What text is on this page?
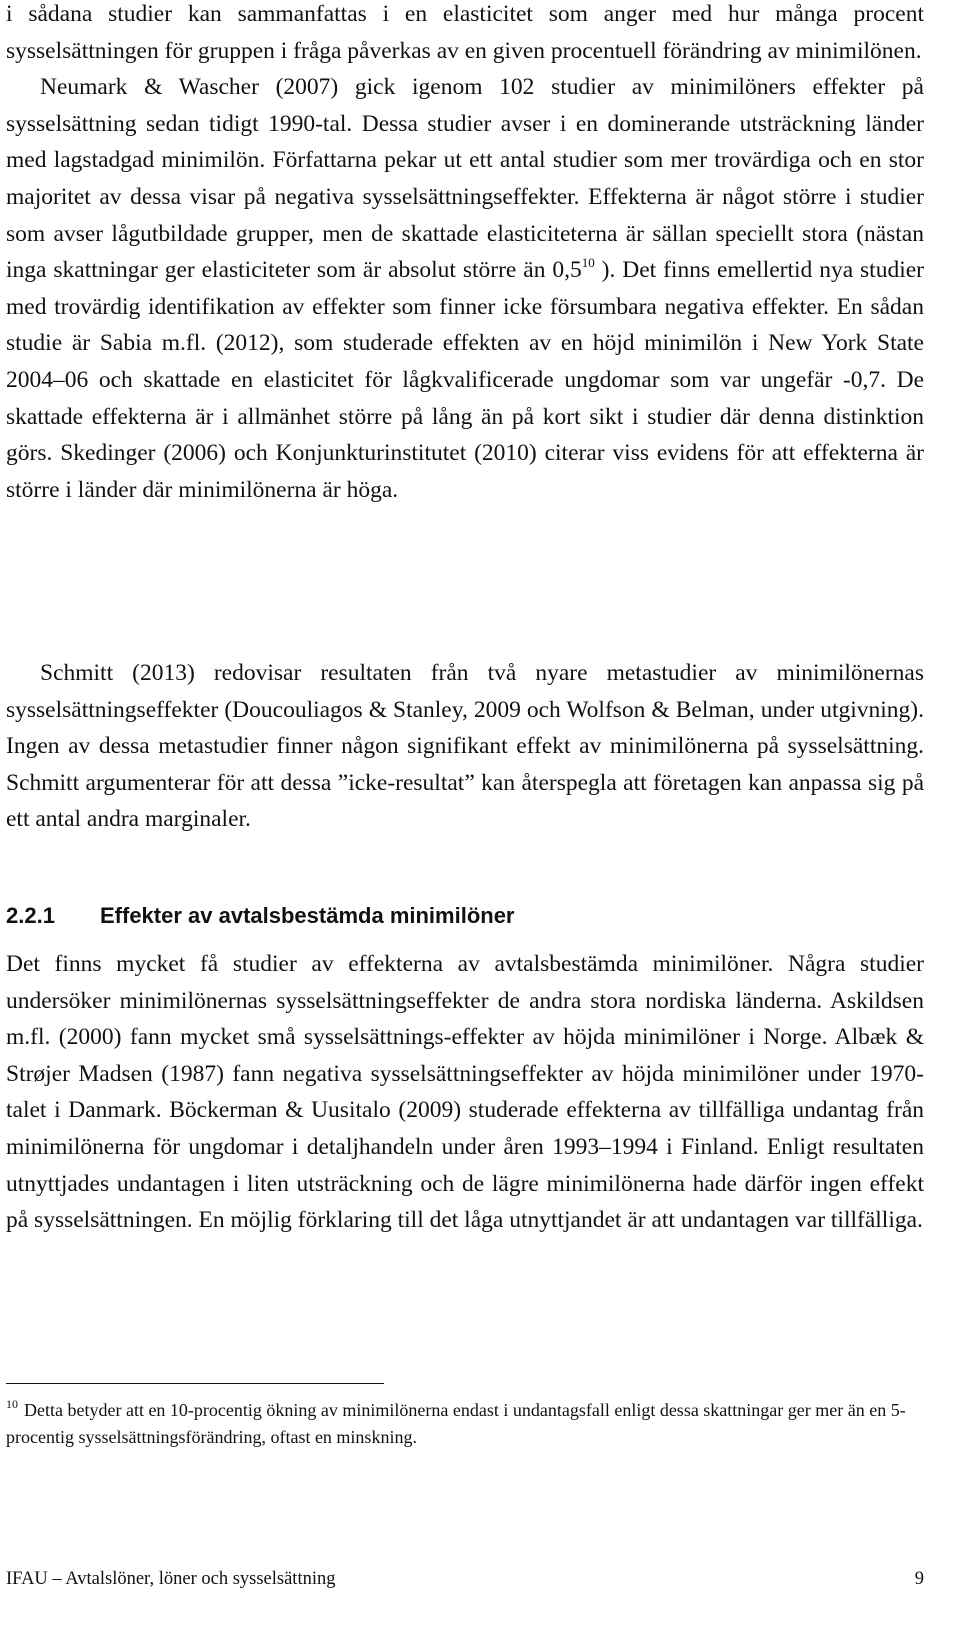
i sådana studier kan sammanfattas i en elasticitet som anger med hur många procent sysselsättningen för gruppen i fråga påverkas av en given procentuell förändring av minimilönen.

Neumark & Wascher (2007) gick igenom 102 studier av minimilöners effekter på sysselsättning sedan tidigt 1990-tal. Dessa studier avser i en dominerande utsträckning länder med lagstadgad minimilön. Författarna pekar ut ett antal studier som mer trovärdiga och en stor majoritet av dessa visar på negativa sysselsättningseffekter. Effekterna är något större i studier som avser lågutbildade grupper, men de skattade elasticiteterna är sällan speciellt stora (nästan inga skattningar ger elasticiteter som är absolut större än $0,5^{10}$ ). Det finns emellertid nya studier med trovärdig identifikation av effekter som finner icke försumbara negativa effekter. En sådan studie är Sabia m.fl. (2012), som studerade effekten av en höjd minimilön i New York State 2004–06 och skattade en elasticitet för lågkvalificerade ungdomar som var ungefär -0,7. De skattade effekterna är i allmänhet större på lång än på kort sikt i studier där denna distinktion görs. Skedinger (2006) och Konjunkturinstitutet (2010) citerar viss evidens för att effekterna är större i länder där minimilönerna är höga.

Schmitt (2013) redovisar resultaten från två nyare metastudier av minimilönernas sysselsättningseffekter (Doucouliagos & Stanley, 2009 och Wolfson & Belman, under utgivning). Ingen av dessa metastudier finner någon signifikant effekt av minimilönerna på sysselsättning. Schmitt argumenterar för att dessa ”icke-resultat” kan återspegla att företagen kan anpassa sig på ett antal andra marginaler.

2.2.1 Effekter av avtalsbestämda minimilöner

Det finns mycket få studier av effekterna av avtalsbestämda minimilöner. Några studier undersöker minimilönernas sysselsättningseffekter de andra stora nordiska länderna. Askildsen m.fl. (2000) fann mycket små sysselsättnings-effekter av höjda minimilöner i Norge. Albæk & Strøjer Madsen (1987) fann negativa sysselsättningseffekter av höjda minimilöner under 1970-talet i Danmark. Böckerman & Uusitalo (2009) studerade effekterna av tillfälliga undantag från minimilönerna för ungdomar i detaljhandeln under åren 1993–1994 i Finland. Enligt resultaten utnyttjades undantagen i liten utsträckning och de lägre minimilönerna hade därför ingen effekt på sysselsättningen. En möjlig förklaring till det låga utnyttjandet är att undantagen var tillfälliga.

$^{10}$ Detta betyder att en 10-procentig ökning av minimilönerna endast i undantagsfall enligt dessa skattningar ger mer än en 5-procentig sysselsättningsförändring, oftast en minskning.

IFAU – Avtalslöner, löner och sysselsättning	9
